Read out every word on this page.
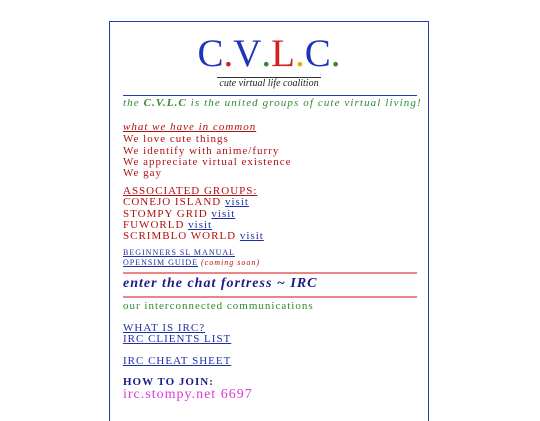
C.V.L.C.
cute virtual life coalition
the C.V.L.C is the united groups of cute virtual living!
what we have in common
We love cute things
We identify with anime/furry
We appreciate virtual existence
We gay
ASSOCIATED GROUPS:
CONEJO ISLAND visit
STOMPY GRID visit
FUWORLD visit
SCRIMBLO WORLD visit
BEGINNERS SL MANUAL
OPENSIM GUIDE (coming soon)
enter the chat fortress ~ IRC
our interconnected communications
WHAT IS IRC?
IRC CLIENTS LIST
IRC CHEAT SHEET
HOW TO JOIN:
irc.stompy.net 6697
